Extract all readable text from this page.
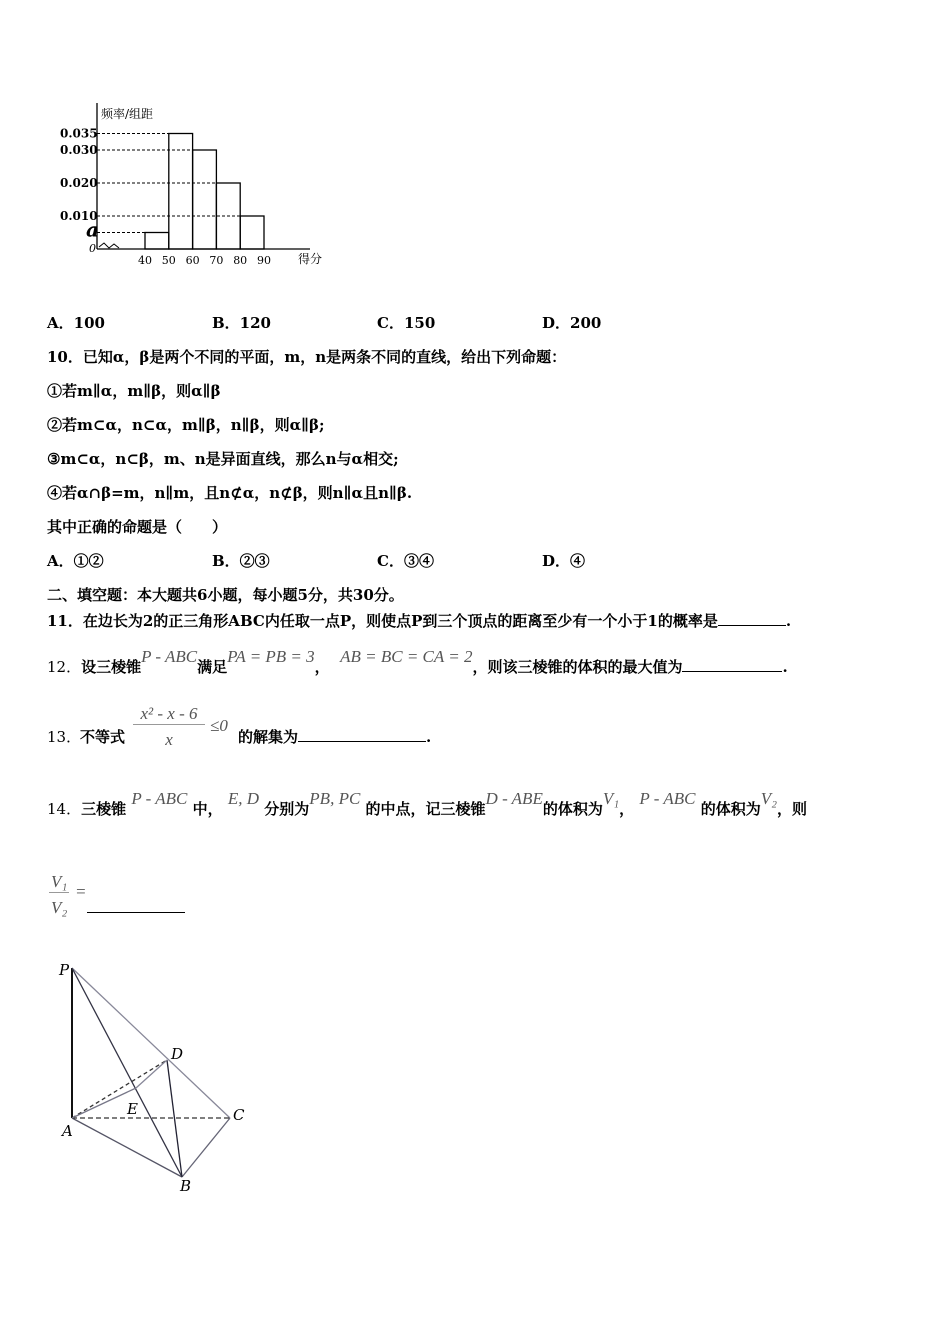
频率/组距
得分
0
a
0.010
0.020
0.030
0.035
40 50 60 70 80 90
A．100	B．120	C．150	D．200
10．已知α，β是两个不同的平面，m，n是两条不同的直线，给出下列命题：
①若m∥α，m∥β，则α∥β
②若m⊂α，n⊂α，m∥β，n∥β，则α∥β;
③m⊂α，n⊂β，m、n是异面直线，那么n与α相交;
④若α∩β=m，n∥m，且n⊄α，n⊄β，则n∥α且n∥β.
其中正确的命题是（　　）
A．①②	B．②③	C．③④	D．④
二、填空题：本大题共6小题，每小题5分，共30分。
11．在边长为2的正三角形ABC内任取一点P，则使点P到三个顶点的距离至少有一个小于1的概率是	.
12．设三棱锥P - ABC满足PA = PB = 3，  AB = BC = CA = 2，则该三棱锥的体积的最大值为	.
13．
不等式
x² - x - 6
x
≤0
的解集为	.
14．三棱锥 P - ABC 中， E, D 分别为PB, PC 的中点，记三棱锥D - ABE的体积为V₁， P - ABC 的体积为V₂，则
V₁
V₂
=
P
A
B
C
D
E
